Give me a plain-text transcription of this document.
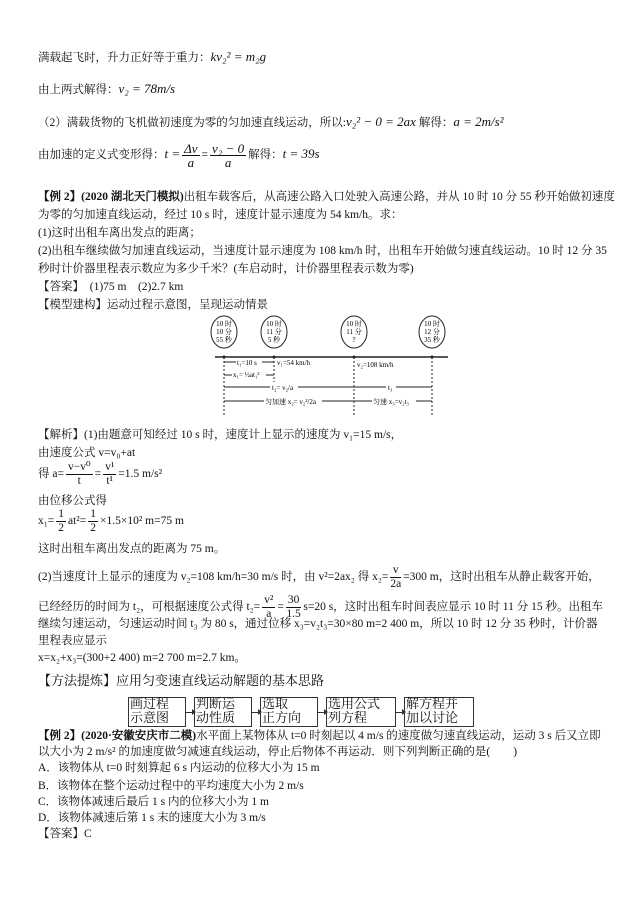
满载起飞时，升力正好等于重力：kv₂² = m₂g
由上两式解得：v₂ = 78m/s
（2）满载货物的飞机做初速度为零的匀加速直线运动，所以:v₂² − 0 = 2ax 解得：a = 2m/s²
由加速的定义式变形得：$t = \frac{\Delta v}{a} = \frac{\text{v₂ − 0}}{a}$ 解得：t = 39s
【例 2】(2020 湖北天门模拟)出租车载客后，从高速公路入口处驶入高速公路，并从 10 时 10 分 55 秒开始做初速度
为零的匀加速直线运动，经过 10 s 时，速度计显示速度为 54 km/h。求：
(1)这时出租车离出发点的距离；
(2)出租车继续做匀加速直线运动，当速度计显示速度为 108 km/h 时，出租车开始做匀速直线运动。10 时 12 分 35
秒时计价器里程表示数应为多少千米？(车启动时，计价器里程表示数为零)
【答案】　(1)75 m　(2)2.7 km
【模型建构】运动过程示意图，呈现运动情景
10 时
10 分
55 秒
10 时
11 分
5 秒
10 时
11 分
?
10 时
12 分
35 秒
t₁=10 s	v₁=54 km/h
x₁= ½at₁²
v₂=108 km/h
t₂= v₂/a	t₃
匀加速 x₂= v₂²/2a	匀速 x₃=v₂t₃
【解析】(1)由题意可知经过 10 s 时，速度计上显示的速度为 v₁=15 m/s，
由速度公式 v=v₀+at
得 $a= \frac{\text{v−v⁰}}{t} = \frac{\text{v¹}}{\text{t¹}} =1.5$ m/s²
由位移公式得
$x_1= \frac{1}{2} at^2= \frac{1}{2} \times 1.5\times 10^2$ m=75 m
这时出租车离出发点的距离为 75 m。
(2)当速度计上显示的速度为 v₂=108 km/h=30 m/s 时，由 v²=2ax₂ 得 $x_2= \frac{v}{2a} =300$ m，这时出租车从静止载客开始，
已经经历的时间为 t₂，可根据速度公式得 $t_2= \frac{\text{v²}}{a} = \frac{30}{1.5} s=20$ s，这时出租车时间表应显示 10 时 11 分 15 秒。出租车
继续匀速运动，匀速运动时间 t₃ 为 80 s，通过位移 x₃=v₂t₃=30×80 m=2 400 m，所以 10 时 12 分 35 秒时，计价器
里程表应显示
x=x₂+x₃=(300+2 400) m=2 700 m=2.7 km。
【方法提炼】应用匀变速直线运动解题的基本思路
画过程
示意图
判断运
动性质
选取
正方向
选用公式
列方程
解方程并
加以讨论
【例 2】(2020·安徽安庆市二模)水平面上某物体从 t=0 时刻起以 4 m/s 的速度做匀速直线运动，运动 3 s 后又立即
以大小为 2 m/s² 的加速度做匀减速直线运动，停止后物体不再运动．则下列判断正确的是(　　)
A．该物体从 t=0 时刻算起 6 s 内运动的位移大小为 15 m
B．该物体在整个运动过程中的平均速度大小为 2 m/s
C．该物体减速后最后 1 s 内的位移大小为 1 m
D．该物体减速后第 1 s 末的速度大小为 3 m/s
【答案】C
